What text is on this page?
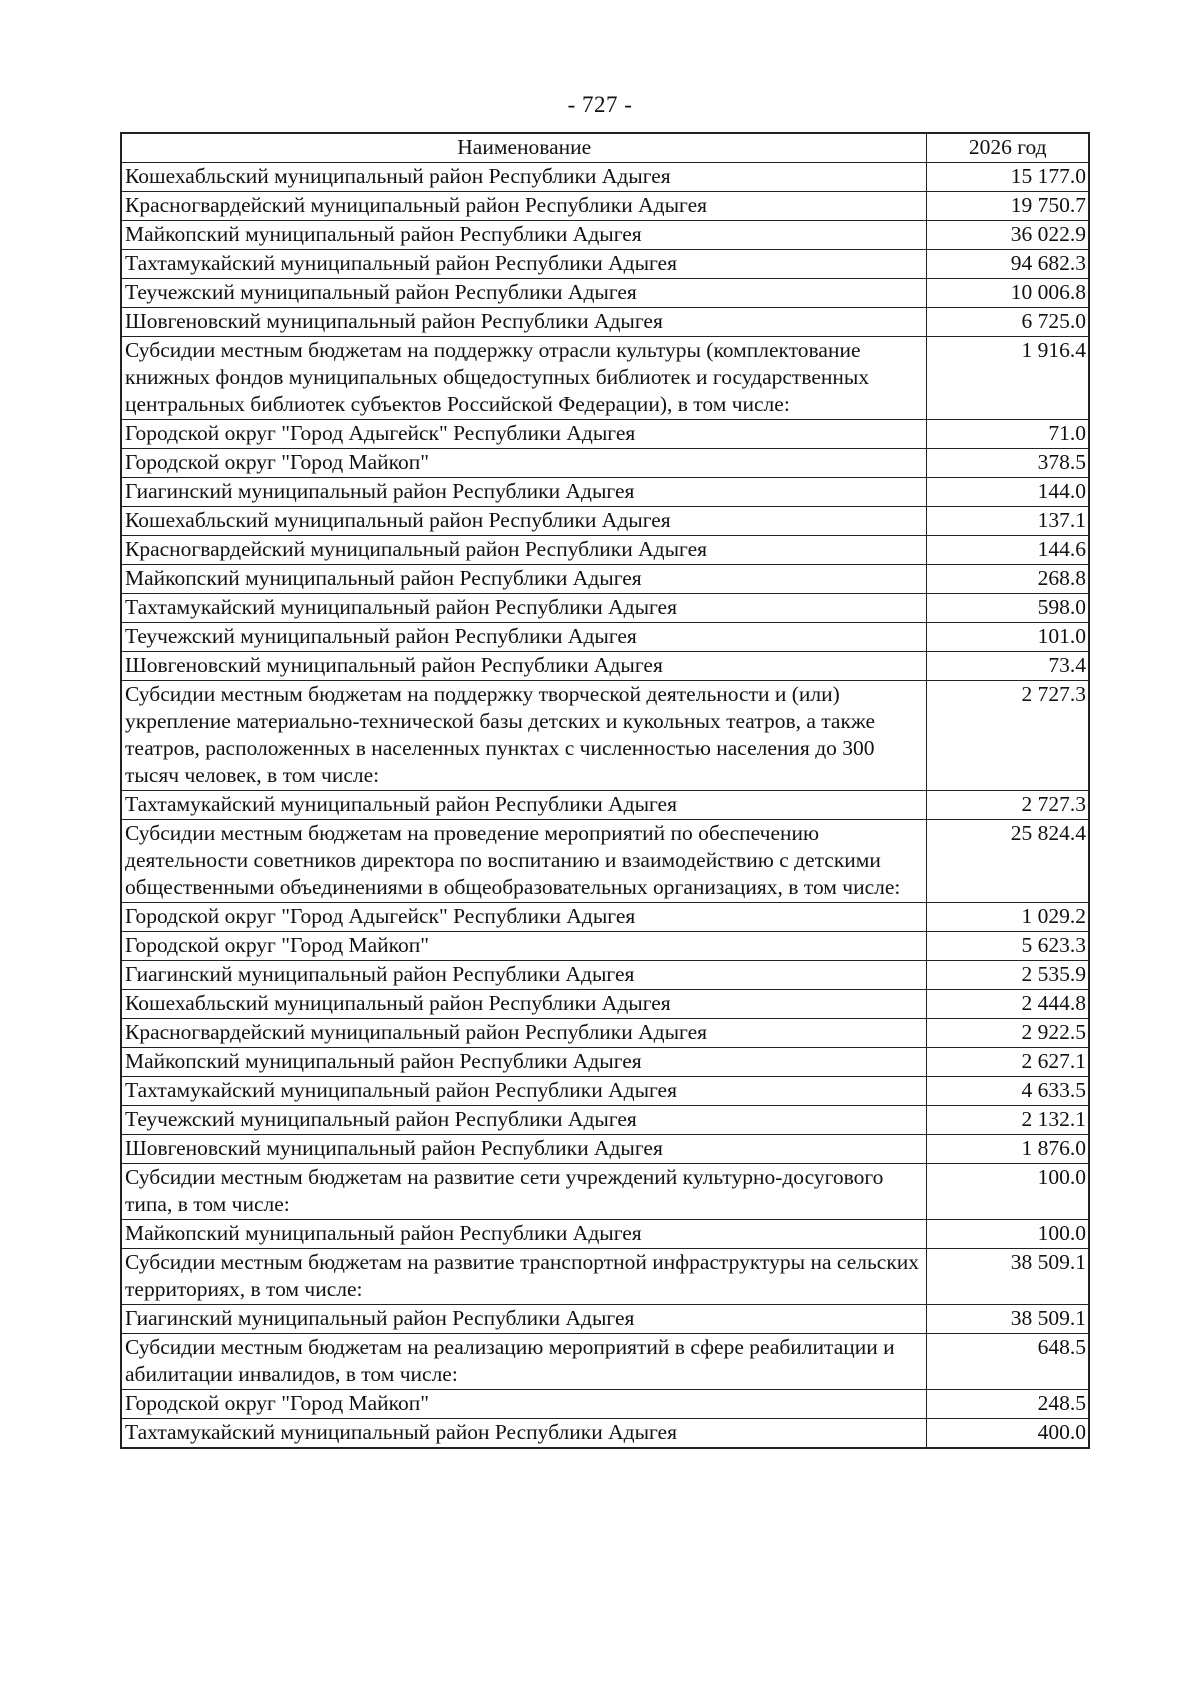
- 727 -
Наименование	2026 год
Кошехабльский муниципальный район Республики Адыгея	15 177.0
Красногвардейский муниципальный район Республики Адыгея	19 750.7
Майкопский муниципальный район Республики Адыгея	36 022.9
Тахтамукайский муниципальный район Республики Адыгея	94 682.3
Теучежский муниципальный район Республики Адыгея	10 006.8
Шовгеновский муниципальный район Республики Адыгея	6 725.0
Субсидии местным бюджетам на поддержку отрасли культуры (комплектование книжных фондов муниципальных общедоступных библиотек и государственных центральных библиотек субъектов Российской Федерации), в том числе:	1 916.4
Городской округ "Город Адыгейск" Республики Адыгея	71.0
Городской округ "Город Майкоп"	378.5
Гиагинский муниципальный район Республики Адыгея	144.0
Кошехабльский муниципальный район Республики Адыгея	137.1
Красногвардейский муниципальный район Республики Адыгея	144.6
Майкопский муниципальный район Республики Адыгея	268.8
Тахтамукайский муниципальный район Республики Адыгея	598.0
Теучежский муниципальный район Республики Адыгея	101.0
Шовгеновский муниципальный район Республики Адыгея	73.4
Субсидии местным бюджетам на поддержку творческой деятельности и (или) укрепление материально-технической базы детских и кукольных театров, а также театров, расположенных в населенных пунктах с численностью населения до 300 тысяч человек, в том числе:	2 727.3
Тахтамукайский муниципальный район Республики Адыгея	2 727.3
Субсидии местным бюджетам на проведение мероприятий по обеспечению деятельности советников директора по воспитанию и взаимодействию с детскими общественными объединениями в общеобразовательных организациях, в том числе:	25 824.4
Городской округ "Город Адыгейск" Республики Адыгея	1 029.2
Городской округ "Город Майкоп"	5 623.3
Гиагинский муниципальный район Республики Адыгея	2 535.9
Кошехабльский муниципальный район Республики Адыгея	2 444.8
Красногвардейский муниципальный район Республики Адыгея	2 922.5
Майкопский муниципальный район Республики Адыгея	2 627.1
Тахтамукайский муниципальный район Республики Адыгея	4 633.5
Теучежский муниципальный район Республики Адыгея	2 132.1
Шовгеновский муниципальный район Республики Адыгея	1 876.0
Субсидии местным бюджетам на развитие сети учреждений культурно-досугового типа, в том числе:	100.0
Майкопский муниципальный район Республики Адыгея	100.0
Субсидии местным бюджетам на развитие транспортной инфраструктуры на сельских территориях, в том числе:	38 509.1
Гиагинский муниципальный район Республики Адыгея	38 509.1
Субсидии местным бюджетам на реализацию мероприятий в сфере реабилитации и абилитации инвалидов, в том числе:	648.5
Городской округ "Город Майкоп"	248.5
Тахтамукайский муниципальный район Республики Адыгея	400.0
